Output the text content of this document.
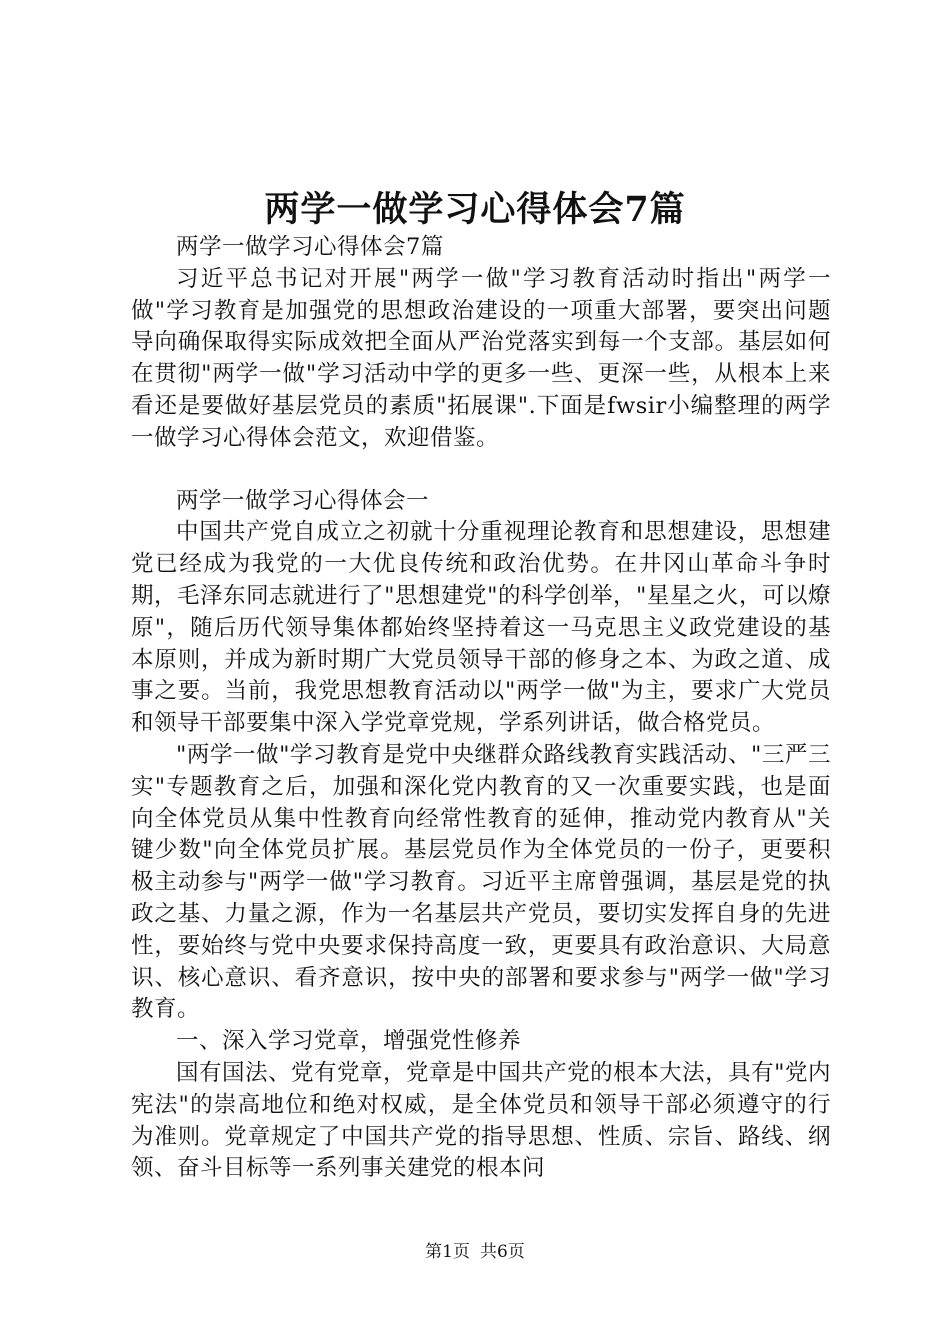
两学一做学习心得体会7篇

两学一做学习心得体会7篇

习近平总书记对开展"两学一做"学习教育活动时指出"两学一做"学习教育是加强党的思想政治建设的一项重大部署，要突出问题导向确保取得实际成效把全面从严治党落实到每一个支部。基层如何在贯彻"两学一做"学习活动中学的更多一些、更深一些，从根本上来看还是要做好基层党员的素质"拓展课".下面是fwsir小编整理的两学一做学习心得体会范文，欢迎借鉴。

两学一做学习心得体会一

中国共产党自成立之初就十分重视理论教育和思想建设，思想建党已经成为我党的一大优良传统和政治优势。在井冈山革命斗争时期，毛泽东同志就进行了"思想建党"的科学创举，"星星之火，可以燎原"，随后历代领导集体都始终坚持着这一马克思主义政党建设的基本原则，并成为新时期广大党员领导干部的修身之本、为政之道、成事之要。当前，我党思想教育活动以"两学一做"为主，要求广大党员和领导干部要集中深入学党章党规，学系列讲话，做合格党员。

"两学一做"学习教育是党中央继群众路线教育实践活动、"三严三实"专题教育之后，加强和深化党内教育的又一次重要实践，也是面向全体党员从集中性教育向经常性教育的延伸，推动党内教育从"关键少数"向全体党员扩展。基层党员作为全体党员的一份子，更要积极主动参与"两学一做"学习教育。习近平主席曾强调，基层是党的执政之基、力量之源，作为一名基层共产党员，要切实发挥自身的先进性，要始终与党中央要求保持高度一致，更要具有政治意识、大局意识、核心意识、看齐意识，按中央的部署和要求参与"两学一做"学习教育。

一、深入学习党章，增强党性修养

国有国法、党有党章，党章是中国共产党的根本大法，具有"党内宪法"的崇高地位和绝对权威，是全体党员和领导干部必须遵守的行为准则。党章规定了中国共产党的指导思想、性质、宗旨、路线、纲领、奋斗目标等一系列事关建党的根本问

第1页 共6页
